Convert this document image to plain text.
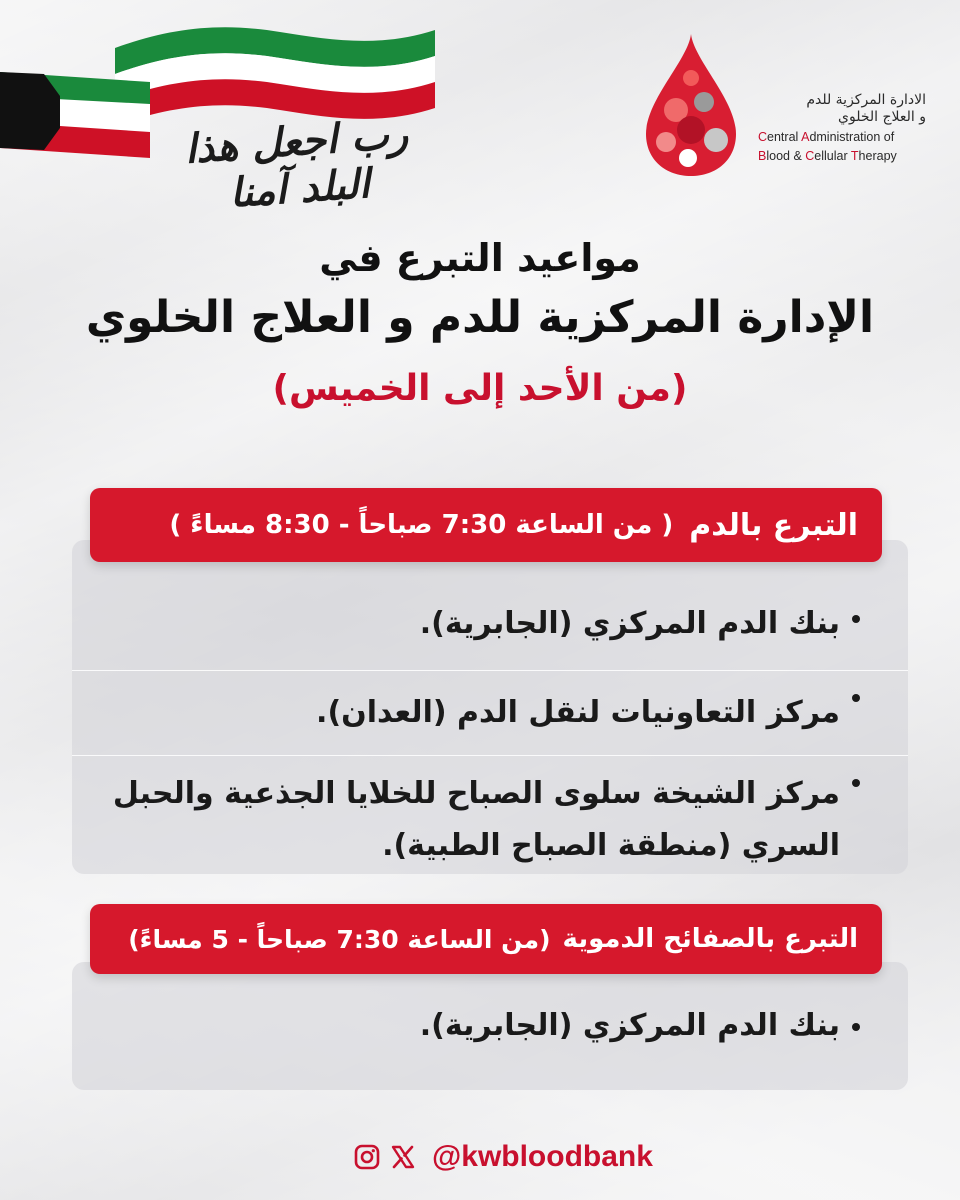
رب اجعل هذا البلد آمنا
الادارة المركزية للدم
و العلاج الخلوي
Central Administration of
Blood & Cellular Therapy
مواعيد التبرع في
الإدارة المركزية للدم و العلاج الخلوي
(من الأحد إلى الخميس)
التبرع بالدم
( من الساعة 7:30 صباحاً - 8:30 مساءً )
بنك الدم المركزي (الجابرية).
مركز التعاونيات لنقل الدم (العدان).
مركز الشيخة سلوى الصباح للخلايا الجذعية والحبل السري (منطقة الصباح الطبية).
التبرع بالصفائح الدموية
(من الساعة 7:30 صباحاً - 5 مساءً)
بنك الدم المركزي (الجابرية).
@kwbloodbank
